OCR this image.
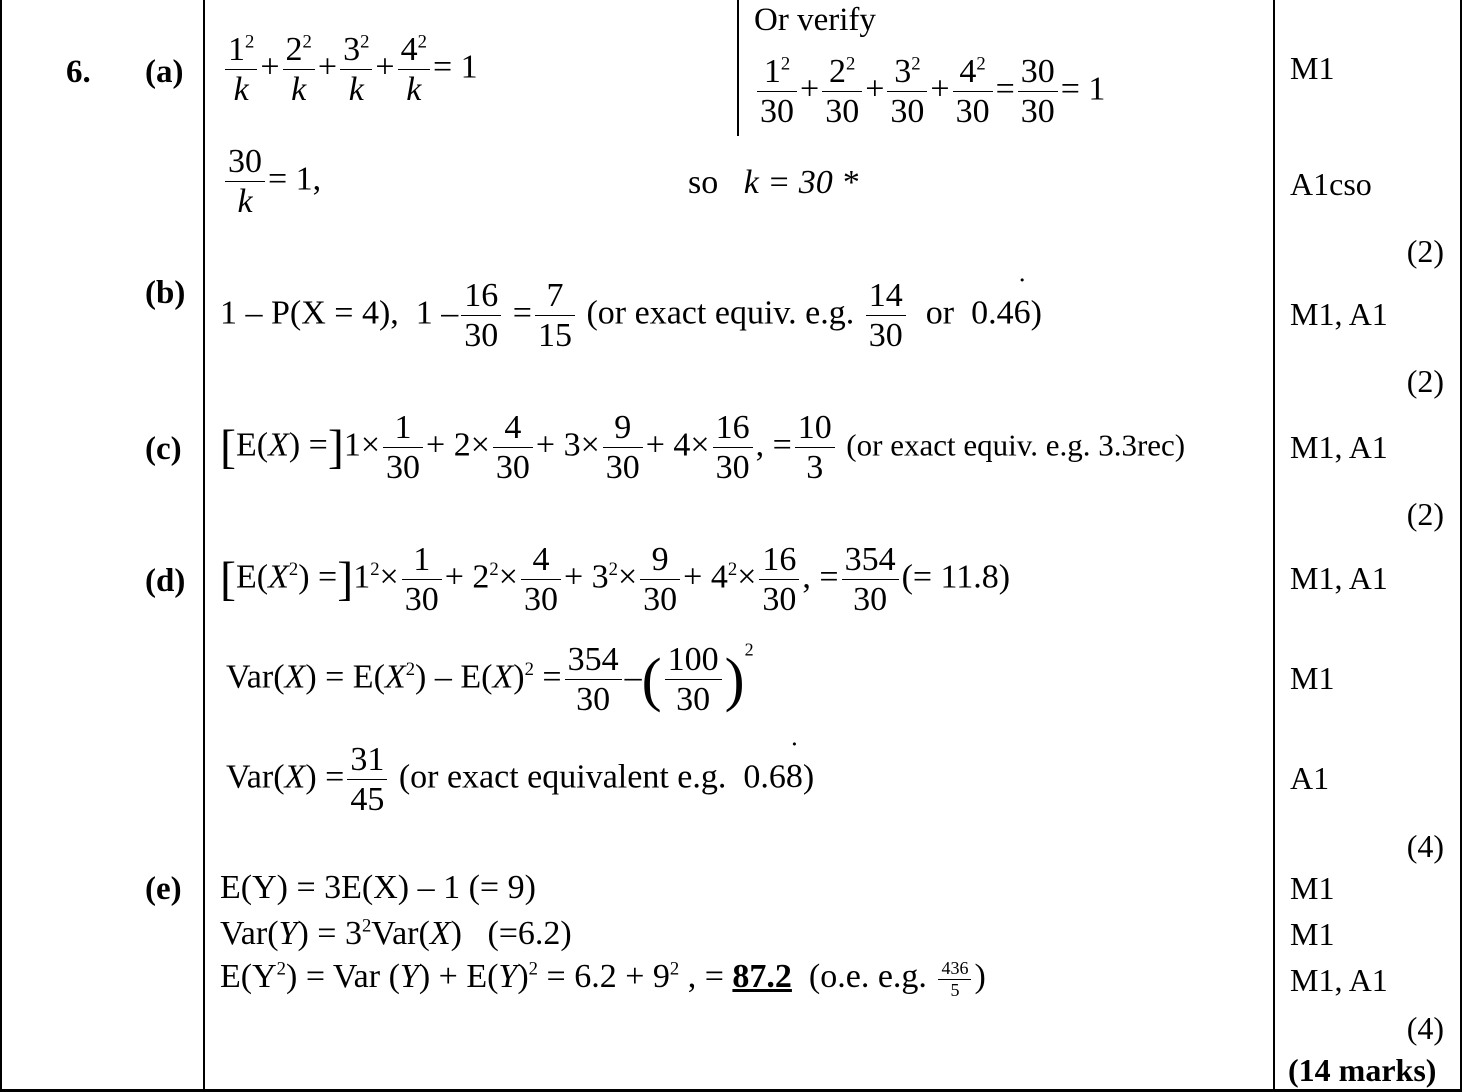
6. (a)
(b)
(c)
(d)
(e)
$\frac{1^2}{k} + \frac{2^2}{k} + \frac{3^2}{k} + \frac{4^2}{k} = 1$
Or verify
$\frac{1^2}{30} + \frac{2^2}{30} + \frac{3^2}{30} + \frac{4^2}{30} = \frac{30}{30} = 1$
$\frac{30}{k} = 1$,	so k = 30 *
1 – P(X = 4),  $1 - \frac{16}{30} = \frac{7}{15} (or$ exact equiv. e.g. $\frac{14}{30}$ or 0.46 ˙)
$[E(X) =]1\times \frac{1}{30} + 2\times \frac{4}{30} + 3\times \frac{9}{30} + 4\times \frac{16}{30}$ , = $\frac{10}{3} (or$ exact equiv. e.g. 3.3rec)
$[E(X^2) =]1^2\times \frac{1}{30} + 2^2\times \frac{4}{30} + 3^2\times \frac{9}{30} + 4^2\times \frac{16}{30}$ , = $\frac{354}{30}$ (= 11.8)
$Var(X) = E(X^2) - E(X)^2 = \frac{354}{30}$ –( $\frac{100}{30} )^2$
$Var(X) = \frac{31}{45} (or$ exact equivalent e.g. 0.68 ˙)
E(Y) = 3E(X) – 1 (= 9)
$Var(Y) = 3^2Var(X)$   (=6.2)
$E(Y^2)$ = Var $(Y) + E(Y)^2 = 6.2 + 9^2$ , = 87.2 (o.e. e.g. $\frac{436}{5}$ )
M1
A1cso
(2)
M1, A1
(2)
M1, A1
(2)
M1, A1
M1
A1
(4)
M1
M1
M1, A1
(4)
(14 marks)
